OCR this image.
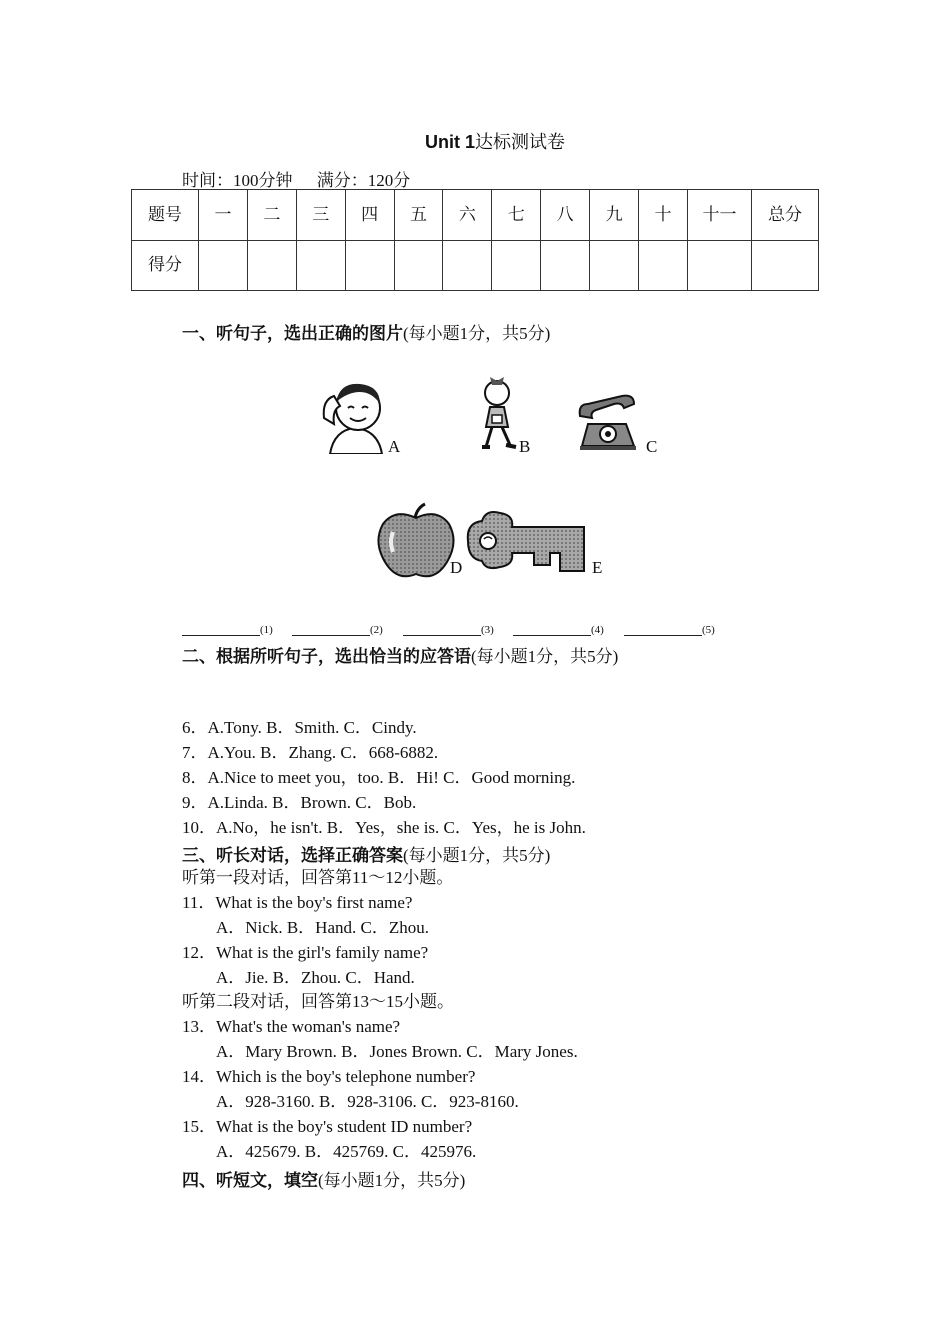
Unit 1达标测试卷
时间：100分钟 满分：120分
题号	一	二	三	四	五	六	七	八	九	十	十一	总分
得分												
一、听句子，选出正确的图片(每小题1分，共5分)
A	B	C
D	E
(1)	(2)	(3)	(4)	(5)
二、根据所听句子，选出恰当的应答语(每小题1分，共5分)
6．A.Tony. B．Smith. C．Cindy.
7．A.You. B．Zhang. C．668-6882.
8．A.Nice to meet you，too. B．Hi! C．Good morning.
9．A.Linda. B．Brown. C．Bob.
10．A.No，he isn't. B．Yes，she is. C．Yes，he is John.
三、听长对话，选择正确答案(每小题1分，共5分)
听第一段对话，回答第11～12小题。
11．What is the boy's first name?
A．Nick. B．Hand. C．Zhou.
12．What is the girl's family name?
A．Jie. B．Zhou. C．Hand.
听第二段对话，回答第13～15小题。
13．What's the woman's name?
A．Mary Brown. B．Jones Brown. C．Mary Jones.
14．Which is the boy's telephone number?
A．928-3160. B．928-3106. C．923-8160.
15．What is the boy's student ID number?
A．425679. B．425769. C．425976.
四、听短文，填空(每小题1分，共5分)
